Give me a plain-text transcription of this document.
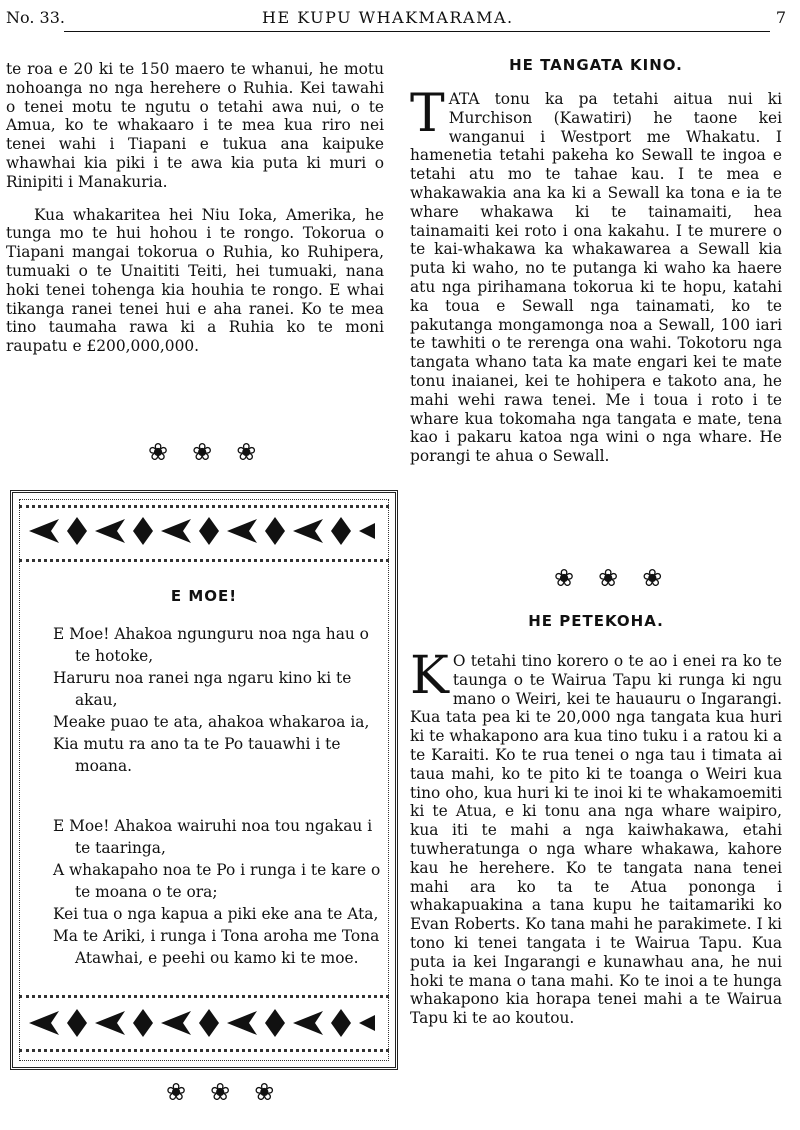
No. 33.	HE KUPU WHAKMARAMA.	7

te roa e 20 ki te 150 maero te whanui, he motu nohoanga no nga herehere o Ruhia. Kei tawahi o tenei motu te ngutu o tetahi awa nui, o te Amua, ko te whakaaro i te mea kua riro nei tenei wahi i Tiapani e tukua ana kaipuke whawhai kia piki i te awa kia puta ki muri o Rinipiti i Manakuria.

Kua whakaritea hei Niu Ioka, Amerika, he tunga mo te hui hohou i te rongo. Tokorua o Tiapani mangai tokorua o Ruhia, ko Ruhipera, tumuaki o te Unaititi Teiti, hei tumuaki, nana hoki tenei tohenga kia houhia te rongo. E whai tikanga ranei tenei hui e aha ranei. Ko te mea tino taumaha rawa ki a Ruhia ko te moni raupatu e £200,000,000.

❀ ❀ ❀
E MOE!

E Moe! Ahakoa ngunguru noa nga hau o te hotoke,

Haruru noa ranei nga ngaru kino ki te akau,

Meake puao te ata, ahakoa whakaroa ia,

Kia mutu ra ano ta te Po tauawhi i te moana.

E Moe! Ahakoa wairuhi noa tou ngakau i te taaringa,

A whakapaho noa te Po i runga i te kare o te moana o te ora;

Kei tua o nga kapua a piki eke ana te Ata,

Ma te Ariki, i runga i Tona aroha me Tona Atawhai, e peehi ou kamo ki te moe.

❀ ❀ ❀
HE TANGATA KINO.

T ATA tonu ka pa tetahi aitua nui ki Murchison (Kawatiri) he taone kei wanganui i Westport me Whakatu. I hamenetia tetahi pakeha ko Sewall te ingoa e tetahi atu mo te tahae kau. I te mea e whakawakia ana ka ki a Sewall ka tona e ia te whare whakawa ki te tainamaiti, hea tainamaiti kei roto i ona kakahu. I te murere o te kai-whakawa ka whakawarea a Sewall kia puta ki waho, no te putanga ki waho ka haere atu nga pirihamana tokorua ki te hopu, katahi ka toua e Sewall nga tainamati, ko te pakutanga mongamonga noa a Sewall, 100 iari te tawhiti o te rerenga ona wahi. Tokotoru nga tangata whano tata ka mate engari kei te mate tonu inaianei, kei te hohipera e takoto ana, he mahi wehi rawa tenei. Me i toua i roto i te whare kua tokomaha nga tangata e mate, tena kao i pakaru katoa nga wini o nga whare. He porangi te ahua o Sewall.

❀ ❀ ❀
HE PETEKOHA.

K O tetahi tino korero o te ao i enei ra ko te taunga o te Wairua Tapu ki runga ki ngu mano o Weiri, kei te hauauru o Ingarangi. Kua tata pea ki te 20,000 nga tangata kua huri ki te whakapono ara kua tino tuku i a ratou ki a te Karaiti. Ko te rua tenei o nga tau i timata ai taua mahi, ko te pito ki te toanga o Weiri kua tino oho, kua huri ki te inoi ki te whakamoemiti ki te Atua, e ki tonu ana nga whare waipiro, kua iti te mahi a nga kaiwhakawa, etahi tuwheratunga o nga whare whakawa, kahore kau he herehere. Ko te tangata nana tenei mahi ara ko ta te Atua pononga i whakapuakina a tana kupu he taitamariki ko Evan Roberts. Ko tana mahi he parakimete. I ki tono ki tenei tangata i te Wairua Tapu. Kua puta ia kei Ingarangi e kunawhau ana, he nui hoki te mana o tana mahi. Ko te inoi a te hunga whakapono kia horapa tenei mahi a te Wairua Tapu ki te ao koutou.
